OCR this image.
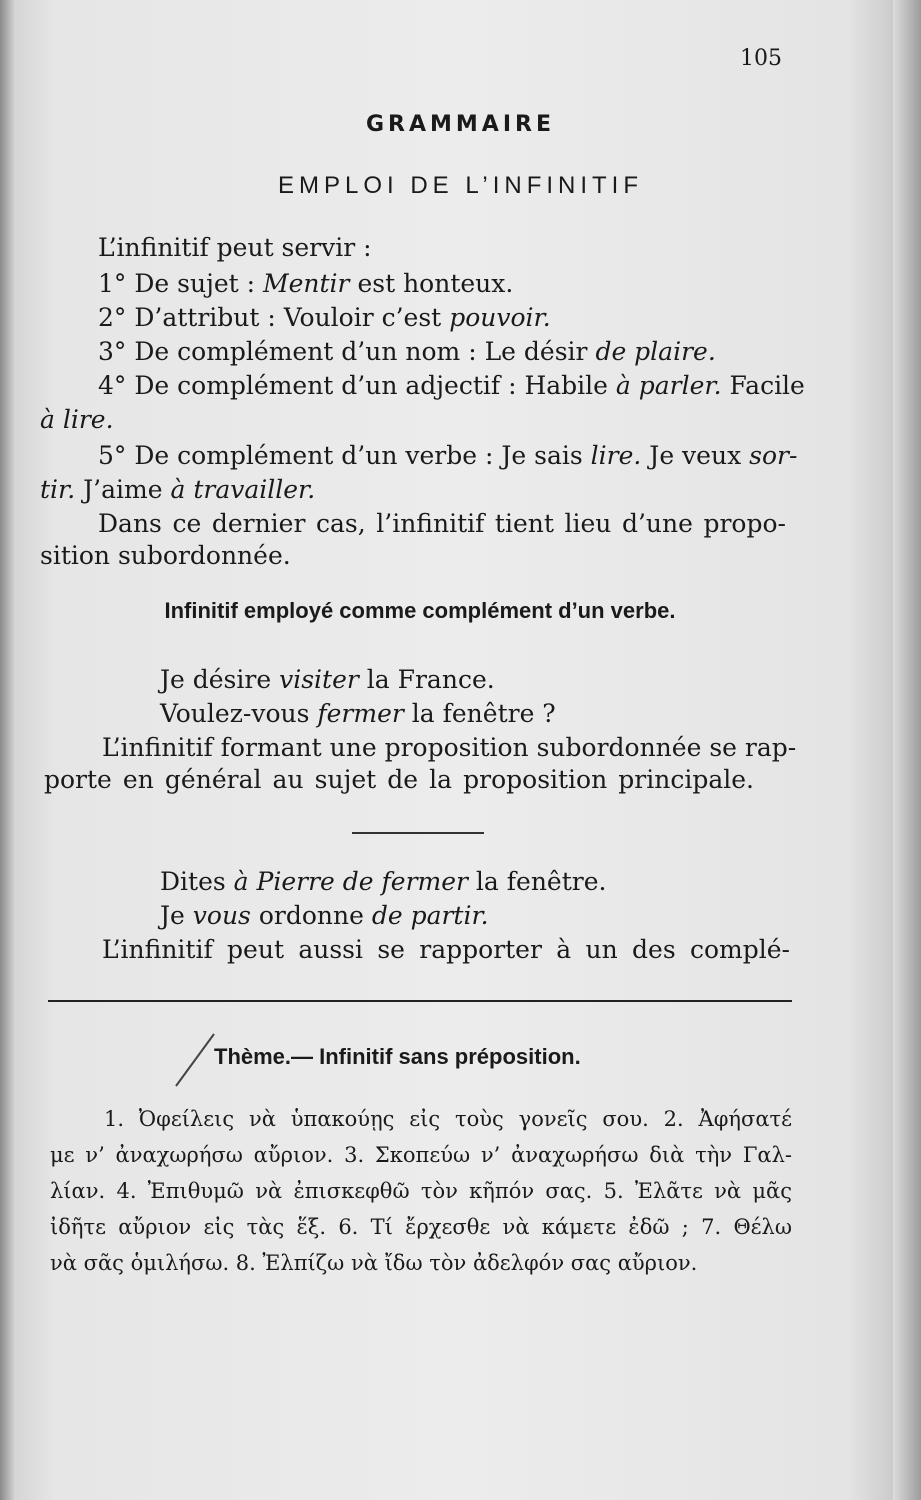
105
GRAMMAIRE
EMPLOI DE L’INFINITIF
L’infinitif peut servir :
1° De sujet : Mentir est honteux.
2° D’attribut : Vouloir c’est pouvoir.
3° De complément d’un nom : Le désir de plaire.
4° De complément d’un adjectif : Habile à parler. Facile
à lire.
5° De complément d’un verbe : Je sais lire. Je veux sor-
tir. J’aime à travailler.
Dans ce dernier cas, l’infinitif tient lieu d’une propo-
sition subordonnée.
Infinitif employé comme complément d’un verbe.
Je désire visiter la France.
Voulez-vous fermer la fenêtre ?
L’infinitif formant une proposition subordonnée se rap-
porte en général au sujet de la proposition principale.
Dites à Pierre de fermer la fenêtre.
Je vous ordonne de partir.
L’infinitif peut aussi se rapporter à un des complé-
Thème.— Infinitif sans préposition.
1. Ὀφείλεις νὰ ὑπακούῃς εἰς τοὺς γονεῖς σου. 2. Ἀφήσατέ
με ν’ ἀναχωρήσω αὔριον. 3. Σκοπεύω ν’ ἀναχωρήσω διὰ τὴν Γαλ-
λίαν. 4. Ἐπιθυμῶ νὰ ἐπισκεφθῶ τὸν κῆπόν σας. 5. Ἐλᾶτε νὰ μᾶς
ἰδῆτε αὔριον εἰς τὰς ἕξ. 6. Τί ἔρχεσθε νὰ κάμετε ἐδῶ ; 7. Θέλω
νὰ σᾶς ὁμιλήσω. 8. Ἐλπίζω νὰ ἴδω τὸν ἀδελφόν σας αὔριον.
